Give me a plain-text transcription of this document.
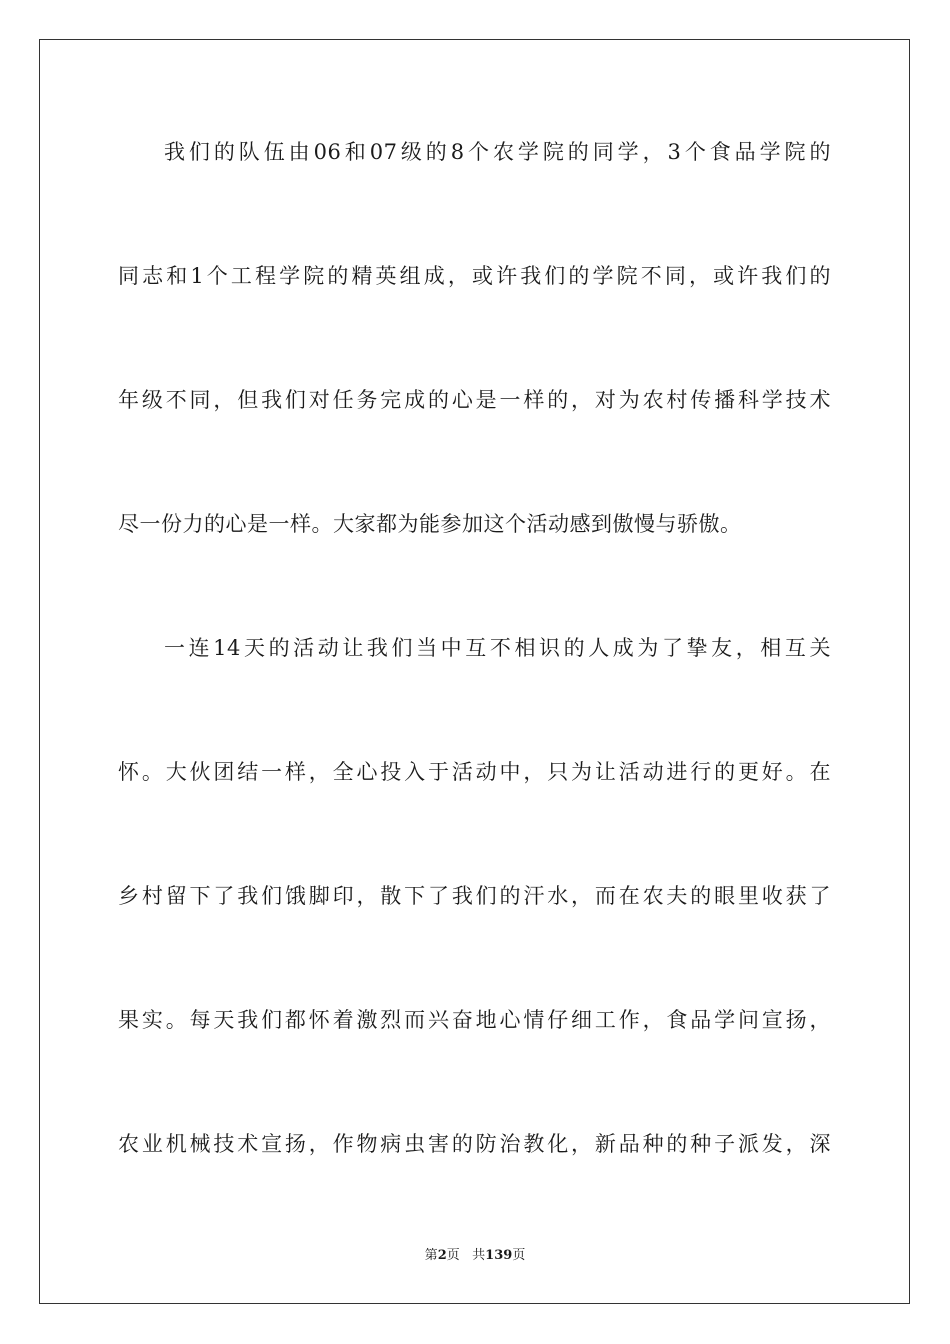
我们的队伍由06和07级的8个农学院的同学，3个食品学院的
同志和1个工程学院的精英组成，或许我们的学院不同，或许我们的
年级不同，但我们对任务完成的心是一样的，对为农村传播科学技术
尽一份力的心是一样。大家都为能参加这个活动感到傲慢与骄傲。
一连14天的活动让我们当中互不相识的人成为了挚友，相互关
怀。大伙团结一样，全心投入于活动中，只为让活动进行的更好。在
乡村留下了我们饿脚印，散下了我们的汗水，而在农夫的眼里收获了
果实。每天我们都怀着激烈而兴奋地心情仔细工作，食品学问宣扬，
农业机械技术宣扬，作物病虫害的防治教化，新品种的种子派发，深
第2页 共139页
